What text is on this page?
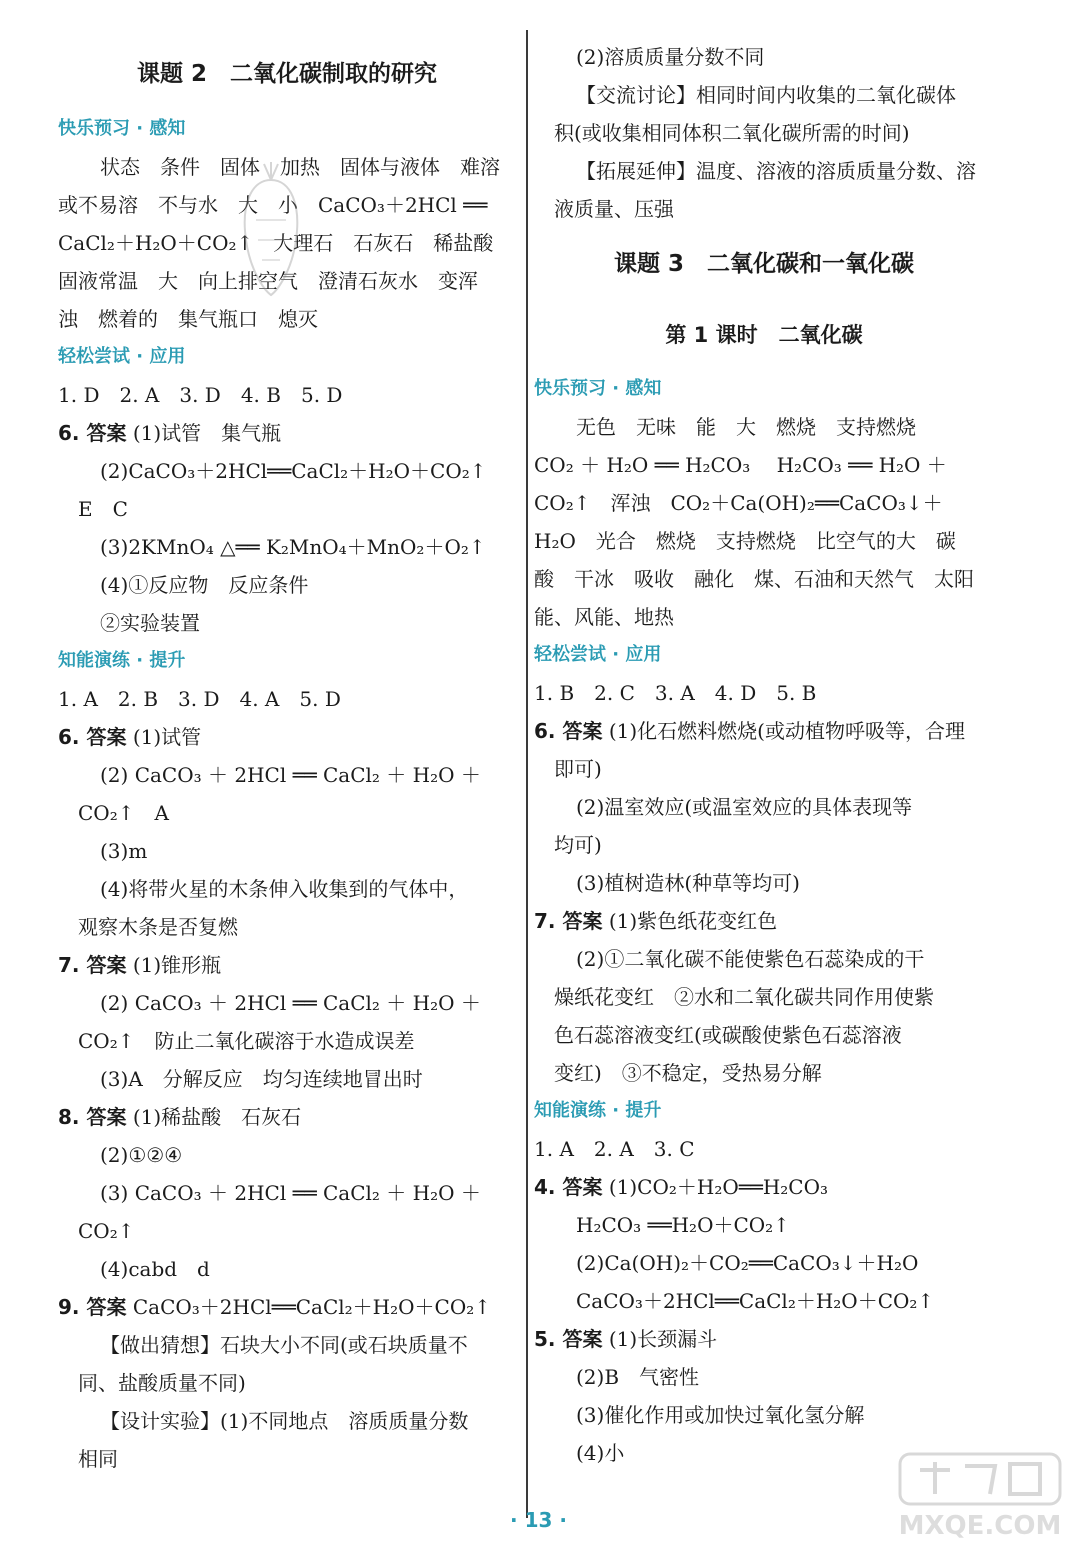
课题 2　二氧化碳制取的研究
快乐预习 · 感知
状态　条件　固体　加热　固体与液体　难溶
或不易溶　不与水　大　小　CaCO₃＋2HCl ══
CaCl₂＋H₂O＋CO₂↑　大理石　石灰石　稀盐酸
固液常温　大　向上排空气　澄清石灰水　变浑
浊　燃着的　集气瓶口　熄灭
轻松尝试 · 应用
1. D　2. A　3. D　4. B　5. D
6. 答案 (1)试管　集气瓶
(2)CaCO₃＋2HCl══CaCl₂＋H₂O＋CO₂↑
E　C
(3)2KMnO₄ △══ K₂MnO₄＋MnO₂＋O₂↑
(4)①反应物　反应条件
②实验装置
知能演练 · 提升
1. A　2. B　3. D　4. A　5. D
6. 答案 (1)试管
(2) CaCO₃ ＋ 2HCl ══ CaCl₂ ＋ H₂O ＋
CO₂↑　A
(3)m
(4)将带火星的木条伸入收集到的气体中，
观察木条是否复燃
7. 答案 (1)锥形瓶
(2) CaCO₃ ＋ 2HCl ══ CaCl₂ ＋ H₂O ＋
CO₂↑　防止二氧化碳溶于水造成误差
(3)A　分解反应　均匀连续地冒出时
8. 答案 (1)稀盐酸　石灰石
(2)①②④
(3) CaCO₃ ＋ 2HCl ══ CaCl₂ ＋ H₂O ＋
CO₂↑
(4)cabd　d
9. 答案 CaCO₃＋2HCl══CaCl₂＋H₂O＋CO₂↑
【做出猜想】石块大小不同(或石块质量不
同、盐酸质量不同)
【设计实验】(1)不同地点　溶质质量分数
相同
(2)溶质质量分数不同
【交流讨论】相同时间内收集的二氧化碳体
积(或收集相同体积二氧化碳所需的时间)
【拓展延伸】温度、溶液的溶质质量分数、溶
液质量、压强
课题 3　二氧化碳和一氧化碳
第 1 课时　二氧化碳
快乐预习 · 感知
无色　无味　能　大　燃烧　支持燃烧
CO₂ ＋ H₂O ══ H₂CO₃　 H₂CO₃ ══ H₂O ＋
CO₂↑　浑浊　CO₂＋Ca(OH)₂══CaCO₃↓＋
H₂O　光合　燃烧　支持燃烧　比空气的大　碳
酸　干冰　吸收　融化　煤、石油和天然气　太阳
能、风能、地热
轻松尝试 · 应用
1. B　2. C　3. A　4. D　5. B
6. 答案 (1)化石燃料燃烧(或动植物呼吸等，合理
即可)
(2)温室效应(或温室效应的具体表现等
均可)
(3)植树造林(种草等均可)
7. 答案 (1)紫色纸花变红色
(2)①二氧化碳不能使紫色石蕊染成的干
燥纸花变红　②水和二氧化碳共同作用使紫
色石蕊溶液变红(或碳酸使紫色石蕊溶液
变红)　③不稳定，受热易分解
知能演练 · 提升
1. A　2. A　3. C
4. 答案 (1)CO₂＋H₂O══H₂CO₃
H₂CO₃ ══H₂O＋CO₂↑
(2)Ca(OH)₂＋CO₂══CaCO₃↓＋H₂O
CaCO₃＋2HCl══CaCl₂＋H₂O＋CO₂↑
5. 答案 (1)长颈漏斗
(2)B　气密性
(3)催化作用或加快过氧化氢分解
(4)小
· 13 ·	MXQE.COM
